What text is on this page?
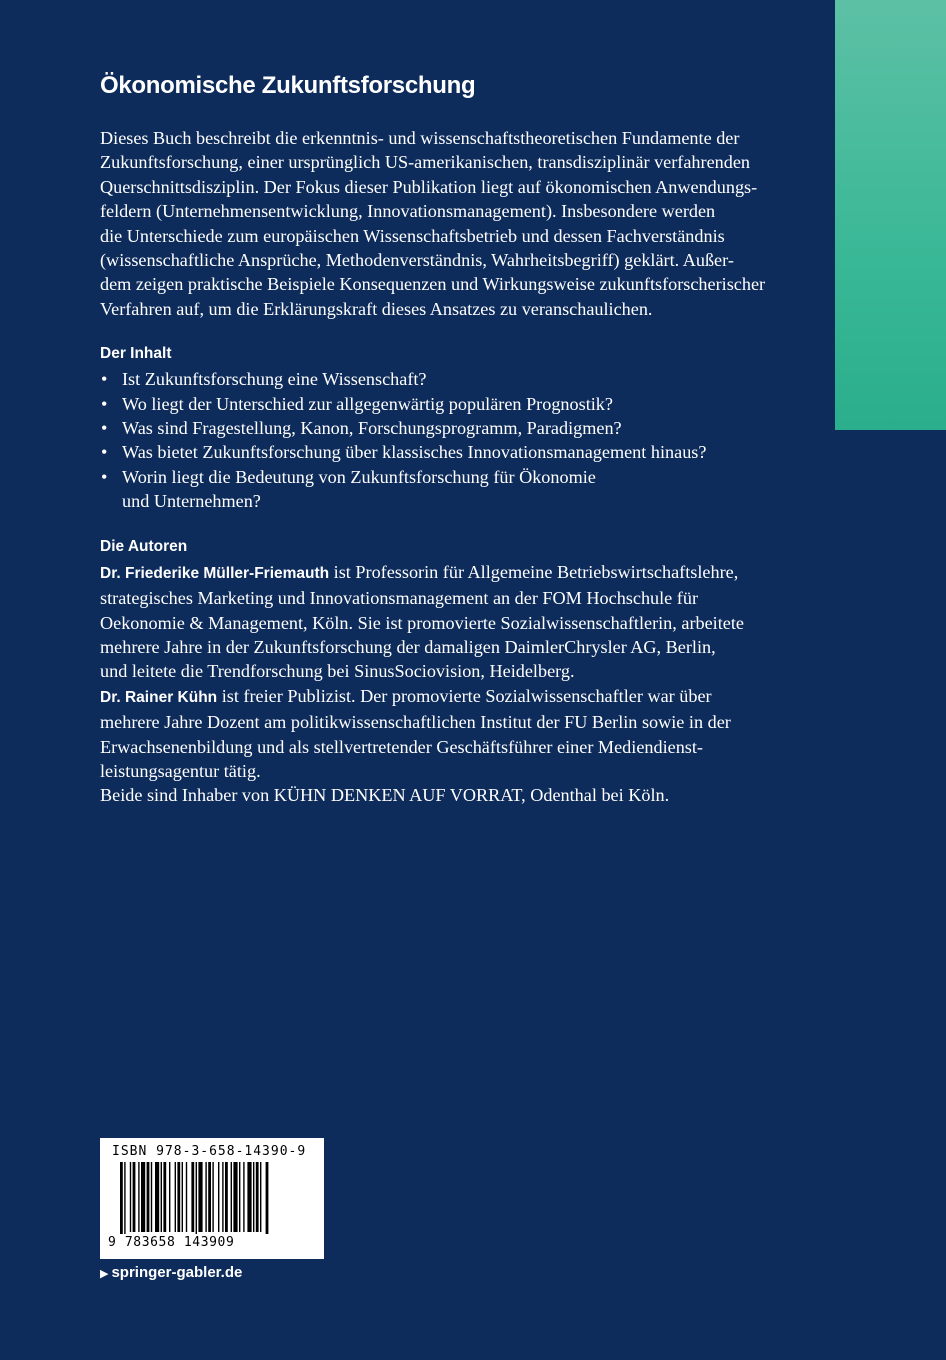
Ökonomische Zukunftsforschung

Dieses Buch beschreibt die erkenntnis- und wissenschaftstheoretischen Fundamente der
Zukunftsforschung, einer ursprünglich US-amerikanischen, transdisziplinär verfahrenden
Querschnittsdisziplin. Der Fokus dieser Publikation liegt auf ökonomischen Anwendungs-
feldern (Unternehmensentwicklung, Innovationsmanagement). Insbesondere werden
die Unterschiede zum europäischen Wissenschaftsbetrieb und dessen Fachverständnis
(wissenschaftliche Ansprüche, Methodenverständnis, Wahrheitsbegriff) geklärt. Außer-
dem zeigen praktische Beispiele Konsequenzen und Wirkungsweise zukunftsforscherischer
Verfahren auf, um die Erklärungskraft dieses Ansatzes zu veranschaulichen.

Der Inhalt
• Ist Zukunftsforschung eine Wissenschaft?
• Wo liegt der Unterschied zur allgegenwärtig populären Prognostik?
• Was sind Fragestellung, Kanon, Forschungsprogramm, Paradigmen?
• Was bietet Zukunftsforschung über klassisches Innovationsmanagement hinaus?
• Worin liegt die Bedeutung von Zukunftsforschung für Ökonomie
und Unternehmen?
Die Autoren

Dr. Friederike Müller-Friemauth ist Professorin für Allgemeine Betriebswirtschaftslehre,
strategisches Marketing und Innovationsmanagement an der FOM Hochschule für
Oekonomie & Management, Köln. Sie ist promovierte Sozialwissenschaftlerin, arbeitete
mehrere Jahre in der Zukunftsforschung der damaligen DaimlerChrysler AG, Berlin,
und leitete die Trendforschung bei SinusSociovision, Heidelberg.

Dr. Rainer Kühn ist freier Publizist. Der promovierte Sozialwissenschaftler war über
mehrere Jahre Dozent am politikwissenschaftlichen Institut der FU Berlin sowie in der
Erwachsenenbildung und als stellvertretender Geschäftsführer einer Mediendienst-
leistungsagentur tätig.

Beide sind Inhaber von KÜHN DENKEN AUF VORRAT, Odenthal bei Köln.

ISBN 978-3-658-14390-9
9 783658 143909
▶ springer-gabler.de
